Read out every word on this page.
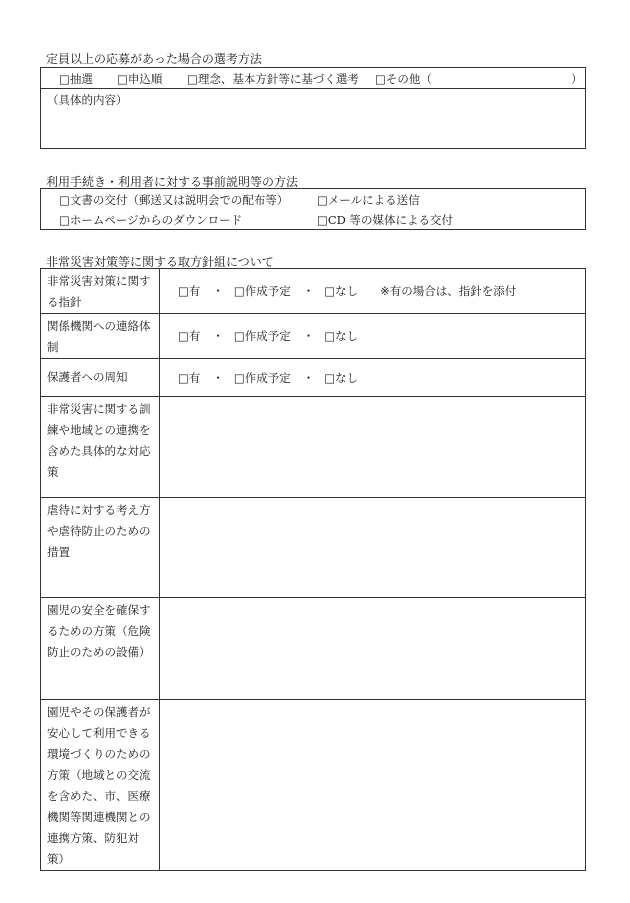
定員以上の応募があった場合の選考方法
□抽選 □申込順 □理念、基本方針等に基づく選考 □その他（	）
（具体的内容）
利用手続き・利用者に対する事前説明等の方法
□文書の交付（郵送又は説明会での配布等） □メールによる送信
□ホームページからのダウンロード	□CD 等の媒体による交付
非常災害対策等に関する取方針組について
非常災害対策に関する指針	□有 ・ □作成予定 ・ □なし ※有の場合は、指針を添付

関係機関への連絡体制	□有 ・ □作成予定 ・ □なし

保護者への周知	□有 ・ □作成予定 ・ □なし

非常災害に関する訓練や地域との連携を含めた具体的な対応策	
虐待に対する考え方や虐待防止のための措置	
園児の安全を確保するための方策（危険防止のための設備）	
園児やその保護者が安心して利用できる環境づくりのための方策（地域との交流を含めた、市、医療機関等関連機関との連携方策、防犯対策）	
